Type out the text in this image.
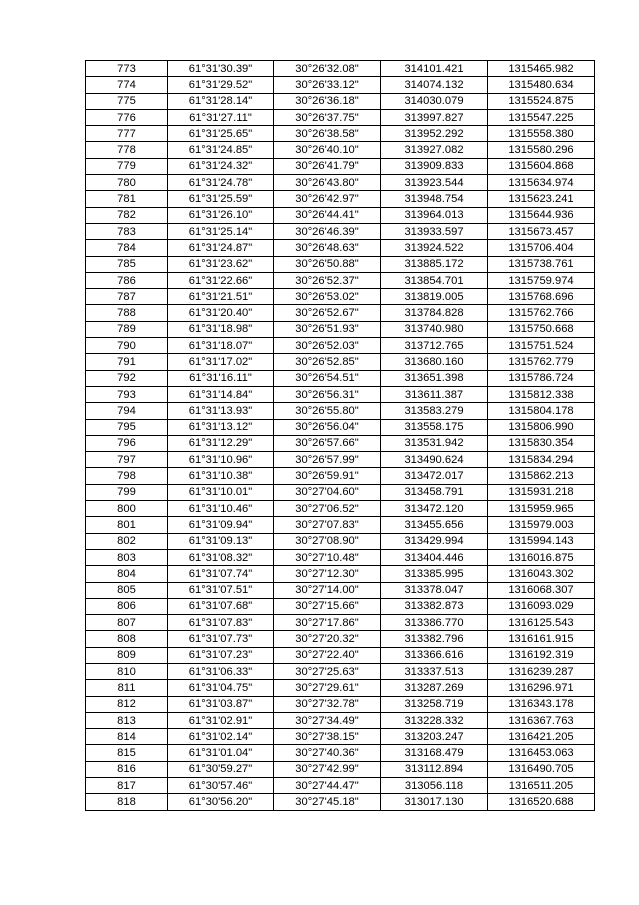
773	61°31'30.39"	30°26'32.08"	314101.421	1315465.982
774	61°31'29.52"	30°26'33.12"	314074.132	1315480.634
775	61°31'28.14"	30°26'36.18"	314030.079	1315524.875
776	61°31'27.11"	30°26'37.75"	313997.827	1315547.225
777	61°31'25.65"	30°26'38.58"	313952.292	1315558.380
778	61°31'24.85"	30°26'40.10"	313927.082	1315580.296
779	61°31'24.32"	30°26'41.79"	313909.833	1315604.868
780	61°31'24.78"	30°26'43.80"	313923.544	1315634.974
781	61°31'25.59"	30°26'42.97"	313948.754	1315623.241
782	61°31'26.10"	30°26'44.41"	313964.013	1315644.936
783	61°31'25.14"	30°26'46.39"	313933.597	1315673.457
784	61°31'24.87"	30°26'48.63"	313924.522	1315706.404
785	61°31'23.62"	30°26'50.88"	313885.172	1315738.761
786	61°31'22.66"	30°26'52.37"	313854.701	1315759.974
787	61°31'21.51"	30°26'53.02"	313819.005	1315768.696
788	61°31'20.40"	30°26'52.67"	313784.828	1315762.766
789	61°31'18.98"	30°26'51.93"	313740.980	1315750.668
790	61°31'18.07"	30°26'52.03"	313712.765	1315751.524
791	61°31'17.02"	30°26'52.85"	313680.160	1315762.779
792	61°31'16.11"	30°26'54.51"	313651.398	1315786.724
793	61°31'14.84"	30°26'56.31"	313611.387	1315812.338
794	61°31'13.93"	30°26'55.80"	313583.279	1315804.178
795	61°31'13.12"	30°26'56.04"	313558.175	1315806.990
796	61°31'12.29"	30°26'57.66"	313531.942	1315830.354
797	61°31'10.96"	30°26'57.99"	313490.624	1315834.294
798	61°31'10.38"	30°26'59.91"	313472.017	1315862.213
799	61°31'10.01"	30°27'04.60"	313458.791	1315931.218
800	61°31'10.46"	30°27'06.52"	313472.120	1315959.965
801	61°31'09.94"	30°27'07.83"	313455.656	1315979.003
802	61°31'09.13"	30°27'08.90"	313429.994	1315994.143
803	61°31'08.32"	30°27'10.48"	313404.446	1316016.875
804	61°31'07.74"	30°27'12.30"	313385.995	1316043.302
805	61°31'07.51"	30°27'14.00"	313378.047	1316068.307
806	61°31'07.68"	30°27'15.66"	313382.873	1316093.029
807	61°31'07.83"	30°27'17.86"	313386.770	1316125.543
808	61°31'07.73"	30°27'20.32"	313382.796	1316161.915
809	61°31'07.23"	30°27'22.40"	313366.616	1316192.319
810	61°31'06.33"	30°27'25.63"	313337.513	1316239.287
811	61°31'04.75"	30°27'29.61"	313287.269	1316296.971
812	61°31'03.87"	30°27'32.78"	313258.719	1316343.178
813	61°31'02.91"	30°27'34.49"	313228.332	1316367.763
814	61°31'02.14"	30°27'38.15"	313203.247	1316421.205
815	61°31'01.04"	30°27'40.36"	313168.479	1316453.063
816	61°30'59.27"	30°27'42.99"	313112.894	1316490.705
817	61°30'57.46"	30°27'44.47"	313056.118	1316511.205
818	61°30'56.20"	30°27'45.18"	313017.130	1316520.688
